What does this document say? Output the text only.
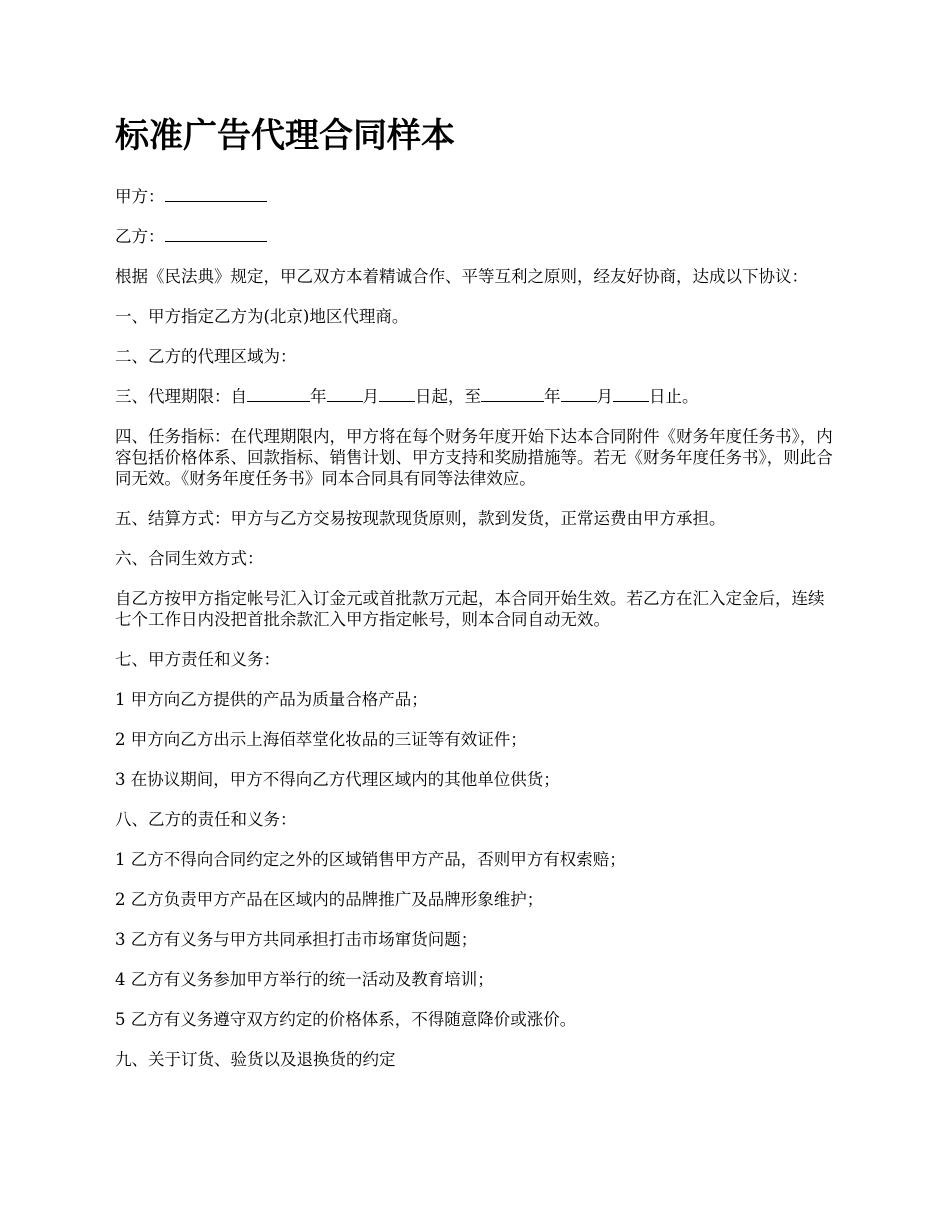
标准广告代理合同样本

甲方：

乙方：

根据《民法典》规定，甲乙双方本着精诚合作、平等互利之原则，经友好协商，达成以下协议：

一、甲方指定乙方为(北京)地区代理商。

二、乙方的代理区域为：

三、代理期限：自	年 月 日起，至	年 月 日止。

四、任务指标：在代理期限内，甲方将在每个财务年度开始下达本合同附件《财务年度任务书》，内容包括价格体系、回款指标、销售计划、甲方支持和奖励措施等。若无《财务年度任务书》，则此合同无效。《财务年度任务书》同本合同具有同等法律效应。

五、结算方式：甲方与乙方交易按现款现货原则，款到发货，正常运费由甲方承担。

六、合同生效方式：

自乙方按甲方指定帐号汇入订金元或首批款万元起，本合同开始生效。若乙方在汇入定金后，连续七个工作日内没把首批余款汇入甲方指定帐号，则本合同自动无效。

七、甲方责任和义务：

1 甲方向乙方提供的产品为质量合格产品；

2 甲方向乙方出示上海佰萃堂化妆品的三证等有效证件；

3 在协议期间，甲方不得向乙方代理区域内的其他单位供货；

八、乙方的责任和义务：

1 乙方不得向合同约定之外的区域销售甲方产品，否则甲方有权索赔；

2 乙方负责甲方产品在区域内的品牌推广及品牌形象维护；

3 乙方有义务与甲方共同承担打击市场窜货问题；

4 乙方有义务参加甲方举行的统一活动及教育培训；

5 乙方有义务遵守双方约定的价格体系，不得随意降价或涨价。

九、关于订货、验货以及退换货的约定
